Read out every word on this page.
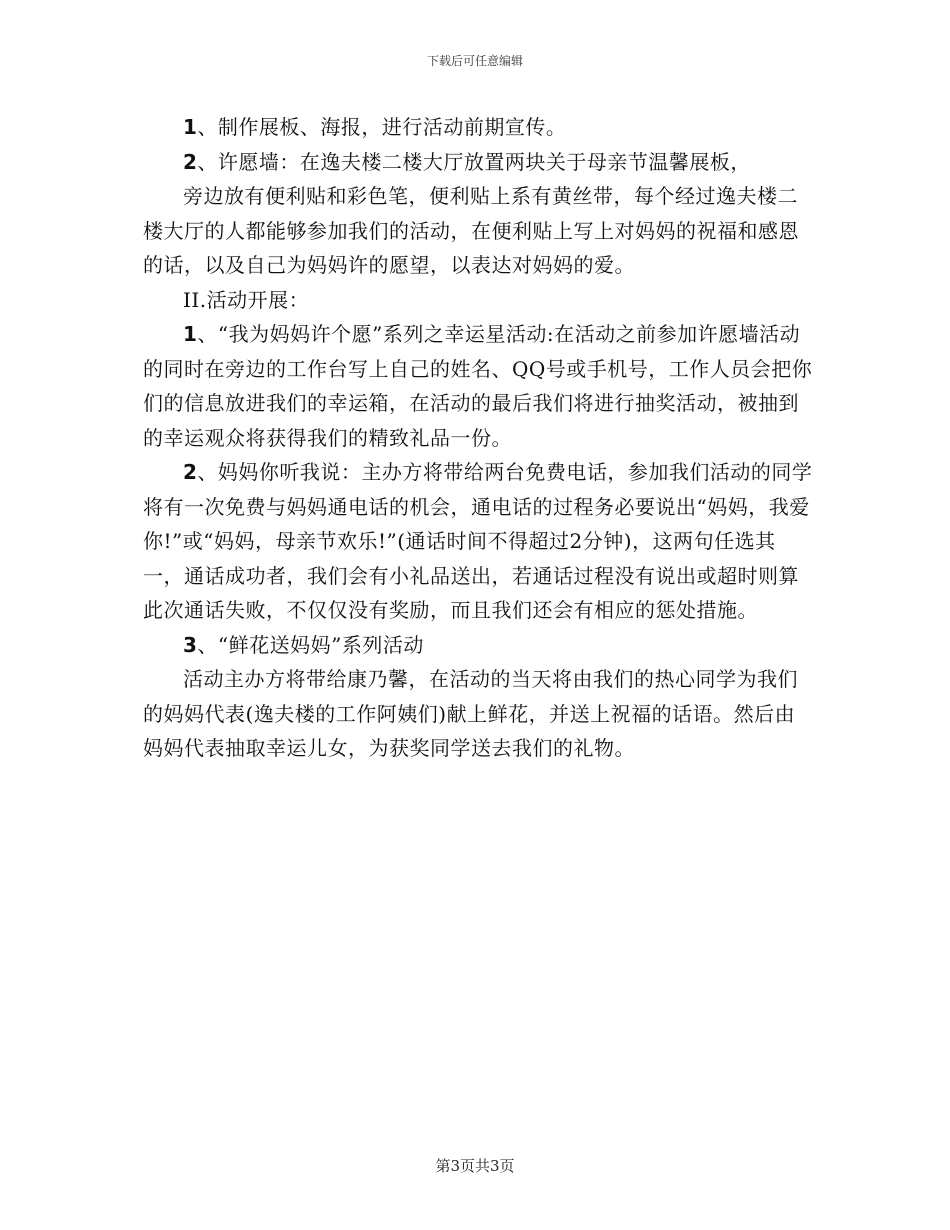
下载后可任意编辑

1、制作展板、海报，进行活动前期宣传。

2、许愿墙：在逸夫楼二楼大厅放置两块关于母亲节温馨展板，

旁边放有便利贴和彩色笔，便利贴上系有黄丝带，每个经过逸夫楼二楼大厅的人都能够参加我们的活动，在便利贴上写上对妈妈的祝福和感恩的话，以及自己为妈妈许的愿望，以表达对妈妈的爱。

II.活动开展：

1、“我为妈妈许个愿”系列之幸运星活动:在活动之前参加许愿墙活动的同时在旁边的工作台写上自己的姓名、QQ号或手机号，工作人员会把你们的信息放进我们的幸运箱，在活动的最后我们将进行抽奖活动，被抽到的幸运观众将获得我们的精致礼品一份。

2、妈妈你听我说：主办方将带给两台免费电话，参加我们活动的同学将有一次免费与妈妈通电话的机会，通电话的过程务必要说出“妈妈，我爱你!”或“妈妈，母亲节欢乐!”(通话时间不得超过2分钟)，这两句任选其一，通话成功者，我们会有小礼品送出，若通话过程没有说出或超时则算此次通话失败，不仅仅没有奖励，而且我们还会有相应的惩处措施。

3、“鲜花送妈妈”系列活动

活动主办方将带给康乃馨，在活动的当天将由我们的热心同学为我们的妈妈代表(逸夫楼的工作阿姨们)献上鲜花，并送上祝福的话语。然后由妈妈代表抽取幸运儿女，为获奖同学送去我们的礼物。

第3页共3页
